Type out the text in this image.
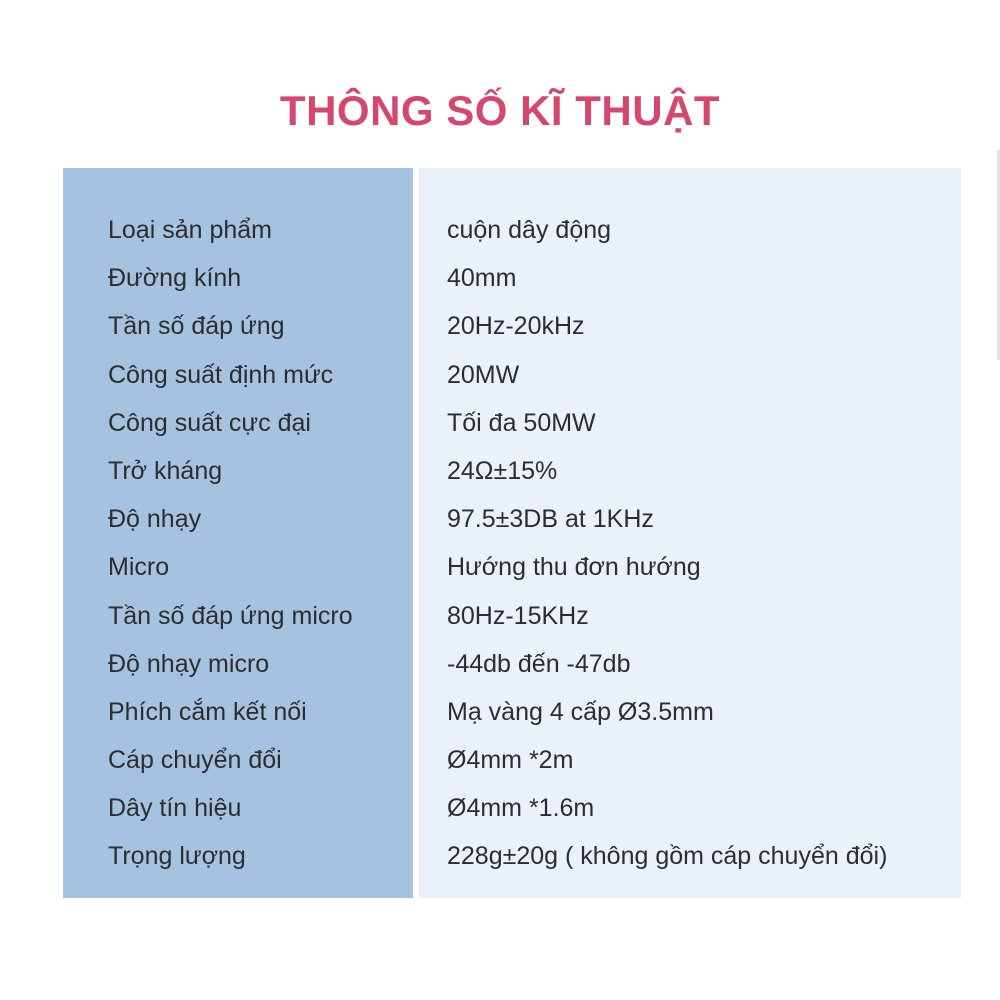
THÔNG SỐ KĨ THUẬT
Loại sản phẩm	cuộn dây động
Đường kính	40mm
Tần số đáp ứng	20Hz-20kHz
Công suất định mức	20MW
Công suất cực đại	Tối đa 50MW
Trở kháng	24Ω±15%
Độ nhạy	97.5±3DB at 1KHz
Micro	Hướng thu đơn hướng
Tần số đáp ứng micro	80Hz-15KHz
Độ nhạy micro	-44db đến -47db
Phích cắm kết nối	Mạ vàng 4 cấp Ø3.5mm
Cáp chuyển đổi	Ø4mm *2m
Dây tín hiệu	Ø4mm *1.6m
Trọng lượng	228g±20g ( không gồm cáp chuyển đổi)
